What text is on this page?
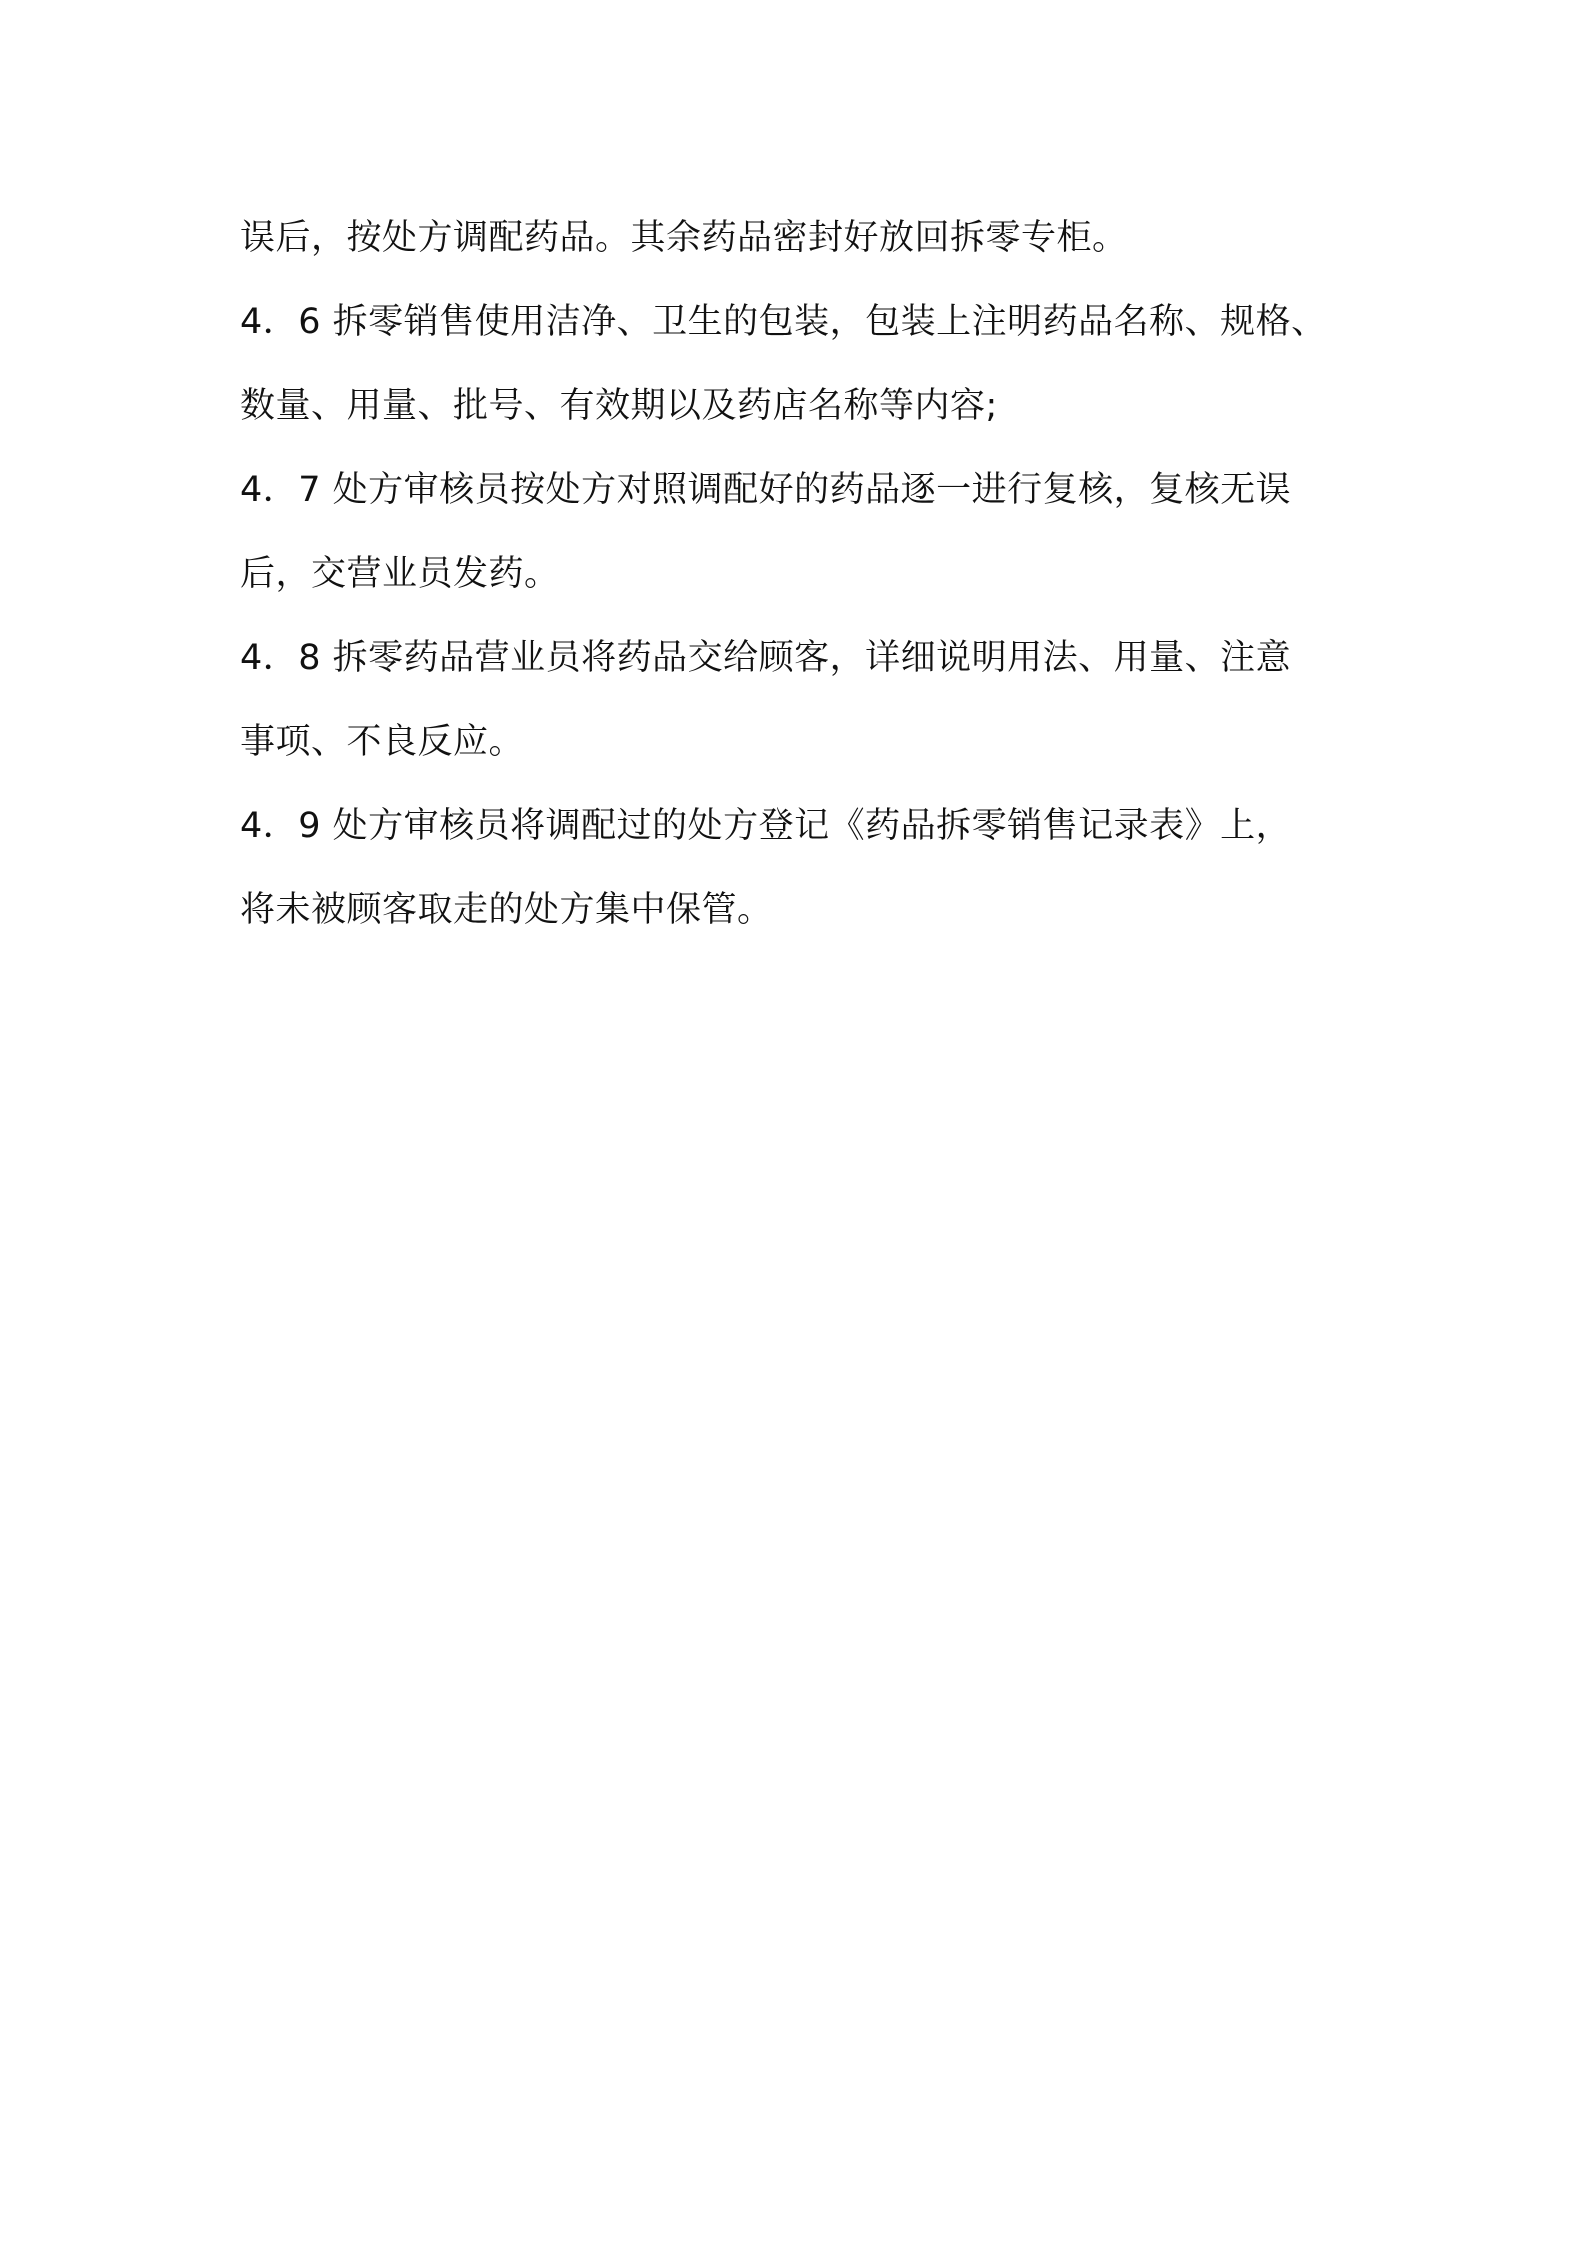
误后，按处方调配药品。其余药品密封好放回拆零专柜。
4．6 拆零销售使用洁净、卫生的包装，包装上注明药品名称、规格、
数量、用量、批号、有效期以及药店名称等内容;
4．7 处方审核员按处方对照调配好的药品逐一进行复核，复核无误
后，交营业员发药。
4．8 拆零药品营业员将药品交给顾客，详细说明用法、用量、注意
事项、不良反应。
4．9 处方审核员将调配过的处方登记《药品拆零销售记录表》上，
将未被顾客取走的处方集中保管。
